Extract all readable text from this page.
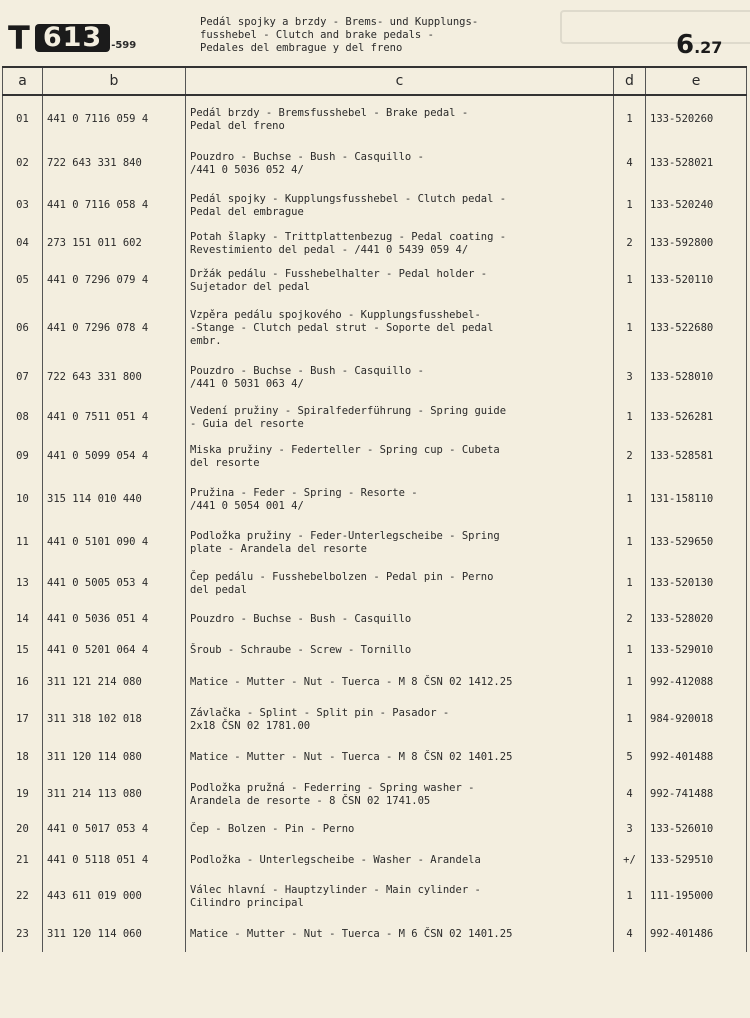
T 613 -599
Pedál spojky a brzdy - Brems- und Kupplungs-
fusshebel - Clutch and brake pedals -
Pedales del embrague y del freno	6.27
a	b	c	d	e
01	441 0 7116 059 4	Pedál brzdy - Bremsfusshebel - Brake pedal -
Pedal del freno	1	133-520260
02	722 643 331 840	Pouzdro - Buchse - Bush - Casquillo -
/441 0 5036 052 4/	4	133-528021
03	441 0 7116 058 4	Pedál spojky - Kupplungsfusshebel - Clutch pedal -
Pedal del embrague	1	133-520240
04	273 151 011 602	Potah šlapky - Trittplattenbezug - Pedal coating -
Revestimiento del pedal - /441 0 5439 059 4/	2	133-592800
05	441 0 7296 079 4	Držák pedálu - Fusshebelhalter - Pedal holder -
Sujetador del pedal	1	133-520110
06	441 0 7296 078 4	Vzpěra pedálu spojkového - Kupplungsfusshebel-
-Stange - Clutch pedal strut - Soporte del pedal
embr.	1	133-522680
07	722 643 331 800	Pouzdro - Buchse - Bush - Casquillo -
/441 0 5031 063 4/	3	133-528010
08	441 0 7511 051 4	Vedení pružiny - Spiralfederführung - Spring guide
- Guia del resorte	1	133-526281
09	441 0 5099 054 4	Miska pružiny - Federteller - Spring cup - Cubeta
del resorte	2	133-528581
10	315 114 010 440	Pružina - Feder - Spring - Resorte -
/441 0 5054 001 4/	1	131-158110
11	441 0 5101 090 4	Podložka pružiny - Feder-Unterlegscheibe - Spring
plate - Arandela del resorte	1	133-529650
13	441 0 5005 053 4	Čep pedálu - Fusshebelbolzen - Pedal pin - Perno
del pedal	1	133-520130
14	441 0 5036 051 4	Pouzdro - Buchse - Bush - Casquillo	2	133-528020
15	441 0 5201 064 4	Šroub - Schraube - Screw - Tornillo	1	133-529010
16	311 121 214 080	Matice - Mutter - Nut - Tuerca - M 8 ČSN 02 1412.25	1	992-412088
17	311 318 102 018	Závlačka - Splint - Split pin - Pasador -
2x18 ČSN 02 1781.00	1	984-920018
18	311 120 114 080	Matice - Mutter - Nut - Tuerca - M 8 ČSN 02 1401.25	5	992-401488
19	311 214 113 080	Podložka pružná - Federring - Spring washer -
Arandela de resorte - 8 ČSN 02 1741.05	4	992-741488
20	441 0 5017 053 4	Čep - Bolzen - Pin - Perno	3	133-526010
21	441 0 5118 051 4	Podložka - Unterlegscheibe - Washer - Arandela	+/	133-529510
22	443 611 019 000	Válec hlavní - Hauptzylinder - Main cylinder -
Cilindro principal	1	111-195000
23	311 120 114 060	Matice - Mutter - Nut - Tuerca - M 6 ČSN 02 1401.25	4	992-401486
